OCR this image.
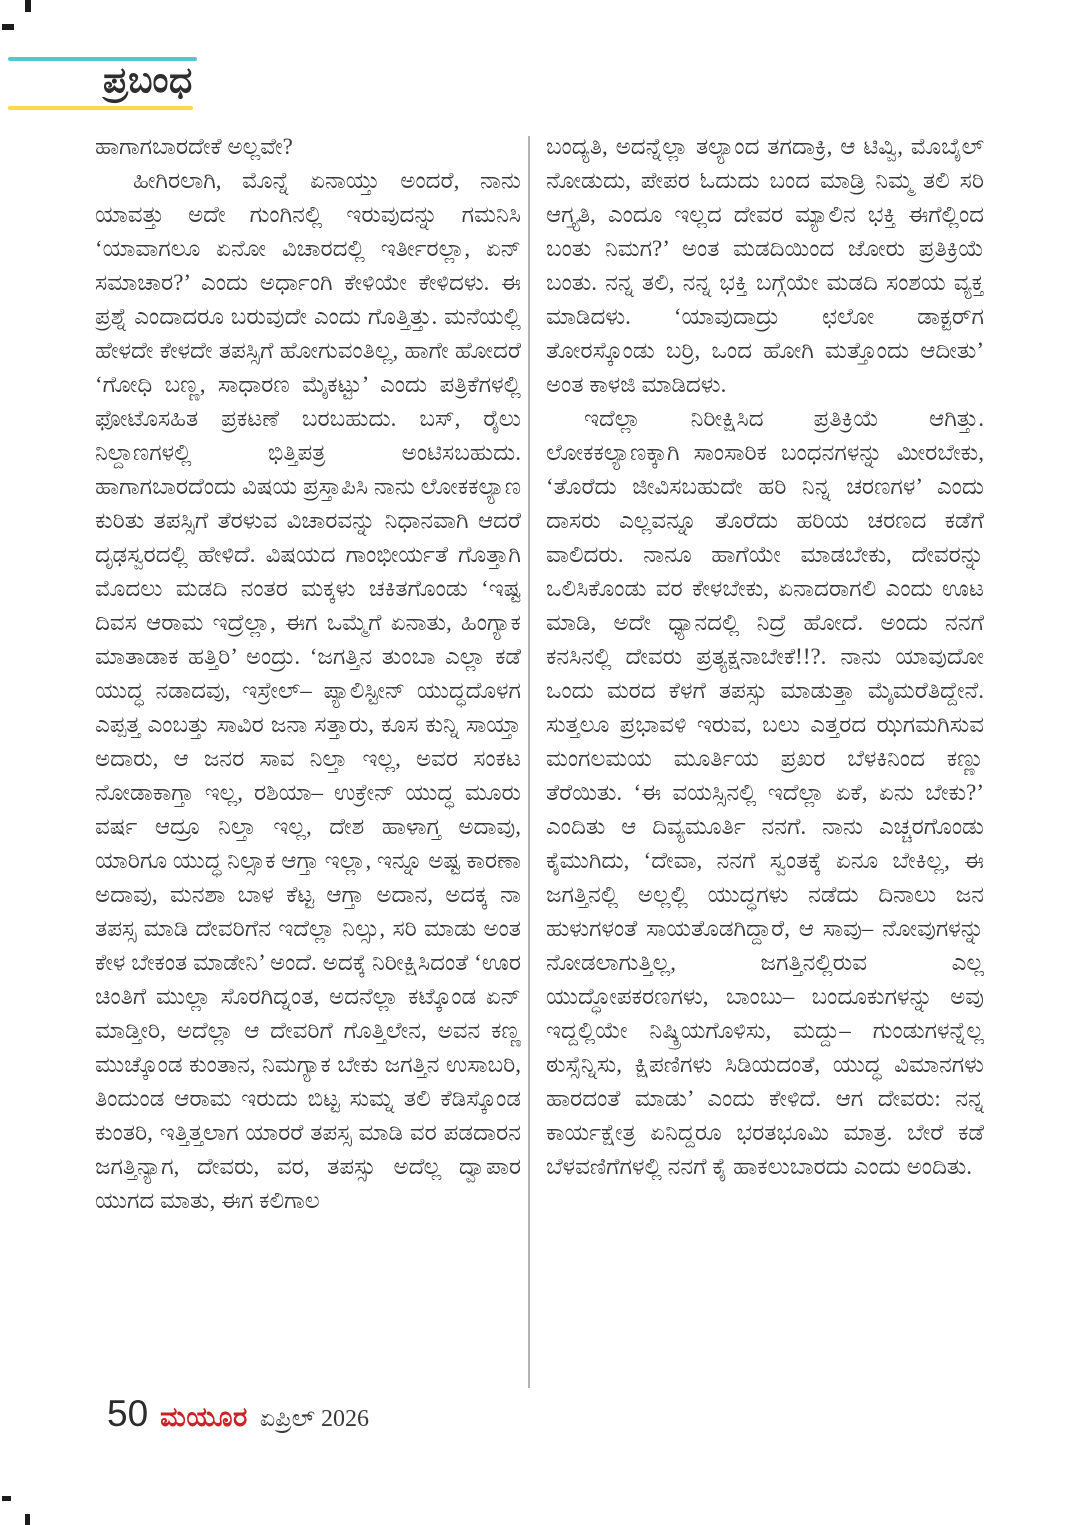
ಪ್ರಬಂಧ

ಹಾಗಾಗಬಾರದೇಕೆ ಅಲ್ಲವೇ?

ಹೀಗಿರಲಾಗಿ, ಮೊನ್ನೆ ಏನಾಯ್ತು ಅಂದರೆ, ನಾನು ಯಾವತ್ತು ಅದೇ ಗುಂಗಿನಲ್ಲಿ ಇರುವುದನ್ನು ಗಮನಿಸಿ ‘ಯಾವಾಗಲೂ ಏನೋ ವಿಚಾರದಲ್ಲಿ ಇರ್ತೀರಲ್ಲಾ, ಏನ್ ಸಮಾಚಾರ?’ ಎಂದು ಅರ್ಧಾಂಗಿ ಕೇಳಿಯೇ ಕೇಳಿದಳು. ಈ ಪ್ರಶ್ನೆ ಎಂದಾದರೂ ಬರುವುದೇ ಎಂದು ಗೊತ್ತಿತ್ತು. ಮನೆಯಲ್ಲಿ ಹೇಳದೇ ಕೇಳದೇ ತಪಸ್ಸಿಗೆ ಹೋಗುವಂತಿಲ್ಲ, ಹಾಗೇ ಹೋದರೆ ‘ಗೋಧಿ ಬಣ್ಣ, ಸಾಧಾರಣ ಮೈಕಟ್ಟು’ ಎಂದು ಪತ್ರಿಕೆಗಳಲ್ಲಿ ಫೋಟೊಸಹಿತ ಪ್ರಕಟಣೆ ಬರಬಹುದು. ಬಸ್, ರೈಲು ನಿಲ್ದಾಣಗಳಲ್ಲಿ ಭಿತ್ತಿಪತ್ರ ಅಂಟಿಸಬಹುದು. ಹಾಗಾಗಬಾರದೆಂದು ವಿಷಯ ಪ್ರಸ್ತಾಪಿಸಿ ನಾನು ಲೋಕಕಲ್ಯಾಣ ಕುರಿತು ತಪಸ್ಸಿಗೆ ತೆರಳುವ ವಿಚಾರವನ್ನು ನಿಧಾನವಾಗಿ ಆದರೆ ದೃಢಸ್ವರದಲ್ಲಿ ಹೇಳಿದೆ. ವಿಷಯದ ಗಾಂಭೀರ್ಯತೆ ಗೊತ್ತಾಗಿ ಮೊದಲು ಮಡದಿ ನಂತರ ಮಕ್ಕಳು ಚಕಿತಗೊಂಡು ‘ಇಷ್ಟ ದಿವಸ ಆರಾಮ ಇದ್ರೆಲ್ಲಾ, ಈಗ ಒಮ್ಮೆಗೆ ಏನಾತು, ಹಿಂಗ್ಯಾಕ ಮಾತಾಡಾಕ ಹತ್ತಿರಿ’ ಅಂದ್ರು. ‘ಜಗತ್ತಿನ ತುಂಬಾ ಎಲ್ಲಾ ಕಡೆ ಯುದ್ಧ ನಡಾದವು, ಇಸ್ರೇಲ್– ಪ್ಯಾಲಿಸ್ಟೀನ್ ಯುದ್ಧದೊಳಗ ಎಪ್ಪತ್ತ ಎಂಬತ್ತು ಸಾವಿರ ಜನಾ ಸತ್ತಾರು, ಕೂಸ ಕುನ್ನಿ ಸಾಯ್ತಾ ಅದಾರು, ಆ ಜನರ ಸಾವ ನಿಲ್ತಾ ಇಲ್ಲ, ಅವರ ಸಂಕಟ ನೋಡಾಕಾಗ್ತಾ ಇಲ್ಲ, ರಶಿಯಾ– ಉಕ್ರೇನ್ ಯುದ್ಧ ಮೂರು ವರ್ಷ ಆದ್ರೂ ನಿಲ್ತಾ ಇಲ್ಲ, ದೇಶ ಹಾಳಾಗ್ತ ಅದಾವು, ಯಾರಿಗೂ ಯುದ್ಧ ನಿಲ್ಸಾಕ ಆಗ್ತಾ ಇಲ್ಲಾ, ಇನ್ನೂ ಅಷ್ಟ ಕಾರಣಾ ಅದಾವು, ಮನಶಾ ಬಾಳ ಕೆಟ್ಟ ಆಗ್ತಾ ಅದಾನ, ಅದಕ್ಕ ನಾ ತಪಸ್ಸ ಮಾಡಿ ದೇವರಿಗೆನ ಇದೆಲ್ಲಾ ನಿಲ್ಸು, ಸರಿ ಮಾಡು ಅಂತ ಕೇಳ ಬೇಕಂತ ಮಾಡೇನಿ’ ಅಂದೆ. ಅದಕ್ಕೆ ನಿರೀಕ್ಷಿಸಿದಂತೆ ‘ಊರ ಚಿಂತಿಗೆ ಮುಲ್ಲಾ ಸೊರಗಿದ್ನಂತ, ಅದನೆಲ್ಲಾ ಕಟ್ಕೊಂಡ ಏನ್ ಮಾಡ್ತೀರಿ, ಅದೆಲ್ಲಾ ಆ ದೇವರಿಗೆ ಗೊತ್ತಿಲೇನ, ಅವನ ಕಣ್ಣ ಮುಚ್ಕೊಂಡ ಕುಂತಾನ, ನಿಮಗ್ಯಾಕ ಬೇಕು ಜಗತ್ತಿನ ಉಸಾಬರಿ, ತಿಂದುಂಡ ಆರಾಮ ಇರುದು ಬಿಟ್ಟ ಸುಮ್ನ ತಲಿ ಕೆಡಿಸ್ಕೊಂಡ ಕುಂತರಿ, ಇತ್ತಿತ್ತಲಾಗ ಯಾರರೆ ತಪಸ್ಸ ಮಾಡಿ ವರ ಪಡದಾರನ ಜಗತ್ತಿನ್ಯಾಗ, ದೇವರು, ವರ, ತಪಸ್ಸು ಅದೆಲ್ಲ ದ್ವಾಪಾರ ಯುಗದ ಮಾತು, ಈಗ ಕಲಿಗಾಲ

ಬಂದ್ಯತಿ, ಅದನ್ನೆಲ್ಲಾ ತಲ್ಯಾಂದ ತಗದಾಕ್ರಿ, ಆ ಟಿವ್ವಿ, ಮೊಬೈಲ್ ನೋಡುದು, ಪೇಪರ ಓದುದು ಬಂದ ಮಾಡ್ರಿ ನಿಮ್ಮ ತಲಿ ಸರಿ ಆಗ್ತ್ಯತಿ, ಎಂದೂ ಇಲ್ಲದ ದೇವರ ಮ್ಯಾಲಿನ ಭಕ್ತಿ ಈಗೆಲ್ಲಿಂದ ಬಂತು ನಿಮಗ?’ ಅಂತ ಮಡದಿಯಿಂದ ಜೋರು ಪ್ರತಿಕ್ರಿಯೆ ಬಂತು. ನನ್ನ ತಲಿ, ನನ್ನ ಭಕ್ತಿ ಬಗ್ಗೆಯೇ ಮಡದಿ ಸಂಶಯ ವ್ಯಕ್ತ ಮಾಡಿದಳು. ‘ಯಾವುದಾದ್ರು ಛಲೋ ಡಾಕ್ಟರ್‌ಗ ತೋರಸ್ಕೊಂಡು ಬರ್ರಿ, ಒಂದ ಹೋಗಿ ಮತ್ತೊಂದು ಆದೀತು’ ಅಂತ ಕಾಳಜಿ ಮಾಡಿದಳು.

ಇದೆಲ್ಲಾ ನಿರೀಕ್ಷಿಸಿದ ಪ್ರತಿಕ್ರಿಯೆ ಆಗಿತ್ತು. ಲೋಕಕಲ್ಯಾಣಕ್ಕಾಗಿ ಸಾಂಸಾರಿಕ ಬಂಧನಗಳನ್ನು ಮೀರಬೇಕು, ‘ತೊರೆದು ಜೀವಿಸಬಹುದೇ ಹರಿ ನಿನ್ನ ಚರಣಗಳ’ ಎಂದು ದಾಸರು ಎಲ್ಲವನ್ನೂ ತೊರೆದು ಹರಿಯ ಚರಣದ ಕಡೆಗೆ ವಾಲಿದರು. ನಾನೂ ಹಾಗೆಯೇ ಮಾಡಬೇಕು, ದೇವರನ್ನು ಒಲಿಸಿಕೊಂಡು ವರ ಕೇಳಬೇಕು, ಏನಾದರಾಗಲಿ ಎಂದು ಊಟ ಮಾಡಿ, ಅದೇ ಧ್ಯಾನದಲ್ಲಿ ನಿದ್ರೆ ಹೋದೆ. ಅಂದು ನನಗೆ ಕನಸಿನಲ್ಲಿ ದೇವರು ಪ್ರತ್ಯಕ್ಷನಾಬೇಕೆ!!?. ನಾನು ಯಾವುದೋ ಒಂದು ಮರದ ಕೆಳಗೆ ತಪಸ್ಸು ಮಾಡುತ್ತಾ ಮೈಮರೆತಿದ್ದೇನೆ. ಸುತ್ತಲೂ ಪ್ರಭಾವಳಿ ಇರುವ, ಬಲು ಎತ್ತರದ ಝಗಮಗಿಸುವ ಮಂಗಲಮಯ ಮೂರ್ತಿಯ ಪ್ರಖರ ಬೆಳಕಿನಿಂದ ಕಣ್ಣು ತೆರೆಯಿತು. ‘ಈ ವಯಸ್ಸಿನಲ್ಲಿ ಇದೆಲ್ಲಾ ಏಕೆ, ಏನು ಬೇಕು?’ ಎಂದಿತು ಆ ದಿವ್ಯಮೂರ್ತಿ ನನಗೆ. ನಾನು ಎಚ್ಚರಗೊಂಡು ಕೈಮುಗಿದು, ‘ದೇವಾ, ನನಗೆ ಸ್ವಂತಕ್ಕೆ ಏನೂ ಬೇಕಿಲ್ಲ, ಈ ಜಗತ್ತಿನಲ್ಲಿ ಅಲ್ಲಲ್ಲಿ ಯುದ್ಧಗಳು ನಡೆದು ದಿನಾಲು ಜನ ಹುಳುಗಳಂತೆ ಸಾಯತೊಡಗಿದ್ದಾರೆ, ಆ ಸಾವು– ನೋವುಗಳನ್ನು ನೋಡಲಾಗುತ್ತಿಲ್ಲ, ಜಗತ್ತಿನಲ್ಲಿರುವ ಎಲ್ಲ ಯುದ್ಧೋಪಕರಣಗಳು, ಬಾಂಬು– ಬಂದೂಕುಗಳನ್ನು ಅವು ಇದ್ದಲ್ಲಿಯೇ ನಿಷ್ಕ್ರಿಯಗೊಳಿಸು, ಮದ್ದು– ಗುಂಡುಗಳನ್ನೆಲ್ಲ ಠುಸ್ಸೆನ್ನಿಸು, ಕ್ಷಿಪಣಿಗಳು ಸಿಡಿಯದಂತೆ, ಯುದ್ಧ ವಿಮಾನಗಳು ಹಾರದಂತೆ ಮಾಡು’ ಎಂದು ಕೇಳಿದೆ. ಆಗ ದೇವರು: ನನ್ನ ಕಾರ್ಯಕ್ಷೇತ್ರ ಏನಿದ್ದರೂ ಭರತಭೂಮಿ ಮಾತ್ರ. ಬೇರೆ ಕಡೆ ಬೆಳವಣಿಗೆಗಳಲ್ಲಿ ನನಗೆ ಕೈ ಹಾಕಲುಬಾರದು ಎಂದು ಅಂದಿತು.

50 ಮಯೂರ ಏಪ್ರಿಲ್ 2026
